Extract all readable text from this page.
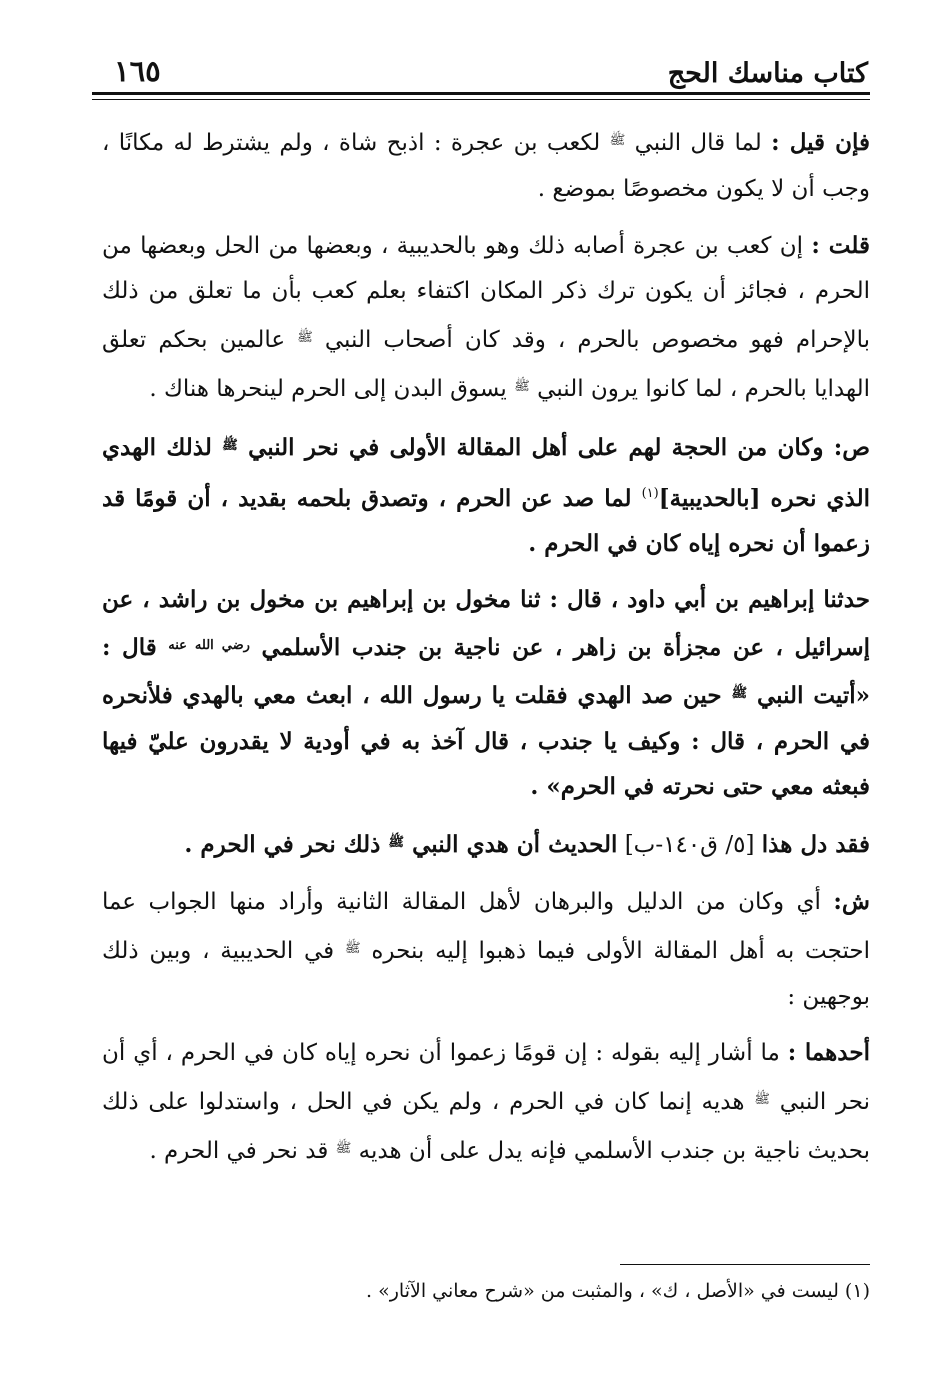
كتاب مناسك الحج
١٦٥

فإن قيل : لما قال النبي $^ﷺ$ لكعب بن عجرة : اذبح شاة ، ولم يشترط له مكانًا ، وجب أن لا يكون مخصوصًا بموضع .

قلت : إن كعب بن عجرة أصابه ذلك وهو بالحديبية ، وبعضها من الحل وبعضها من الحرم ، فجائز أن يكون ترك ذكر المكان اكتفاء بعلم كعب بأن ما تعلق من ذلك بالإحرام فهو مخصوص بالحرم ، وقد كان أصحاب النبي $^ﷺ$ عالمين بحكم تعلق الهدايا بالحرم ، لما كانوا يرون النبي $^ﷺ$ يسوق البدن إلى الحرم لينحرها هناك .

ص: وكان من الحجة لهم على أهل المقالة الأولى في نحر النبي $^ﷺ$ لذلك الهدي الذي نحره [بالحديبية]$^{(١)}$ لما صد عن الحرم ، وتصدق بلحمه بقديد ، أن قومًا قد زعموا أن نحره إياه كان في الحرم .

حدثنا إبراهيم بن أبي داود ، قال : ثنا مخول بن إبراهيم بن مخول بن راشد ، عن إسرائيل ، عن مجزأة بن زاهر ، عن ناجية بن جندب الأسلمي $^{رضي الله عنه}$ قال : «أتيت النبي $^ﷺ$ حين صد الهدي فقلت يا رسول الله ، ابعث معي بالهدي فلأنحره في الحرم ، قال : وكيف يا جندب ، قال آخذ به في أودية لا يقدرون عليّ فيها فبعثه معي حتى نحرته في الحرم» .

فقد دل هذا [٥/ ق١٤٠-ب] الحديث أن هدي النبي $^ﷺ$ ذلك نحر في الحرم .

ش: أي وكان من الدليل والبرهان لأهل المقالة الثانية وأراد منها الجواب عما احتجت به أهل المقالة الأولى فيما ذهبوا إليه بنحره $^ﷺ$ في الحديبية ، وبين ذلك بوجهين :

أحدهما : ما أشار إليه بقوله : إن قومًا زعموا أن نحره إياه كان في الحرم ، أي أن نحر النبي $^ﷺ$ هديه إنما كان في الحرم ، ولم يكن في الحل ، واستدلوا على ذلك بحديث ناجية بن جندب الأسلمي فإنه يدل على أن هديه $^ﷺ$ قد نحر في الحرم .

(١) ليست في «الأصل ، ك» ، والمثبت من «شرح معاني الآثار» .
